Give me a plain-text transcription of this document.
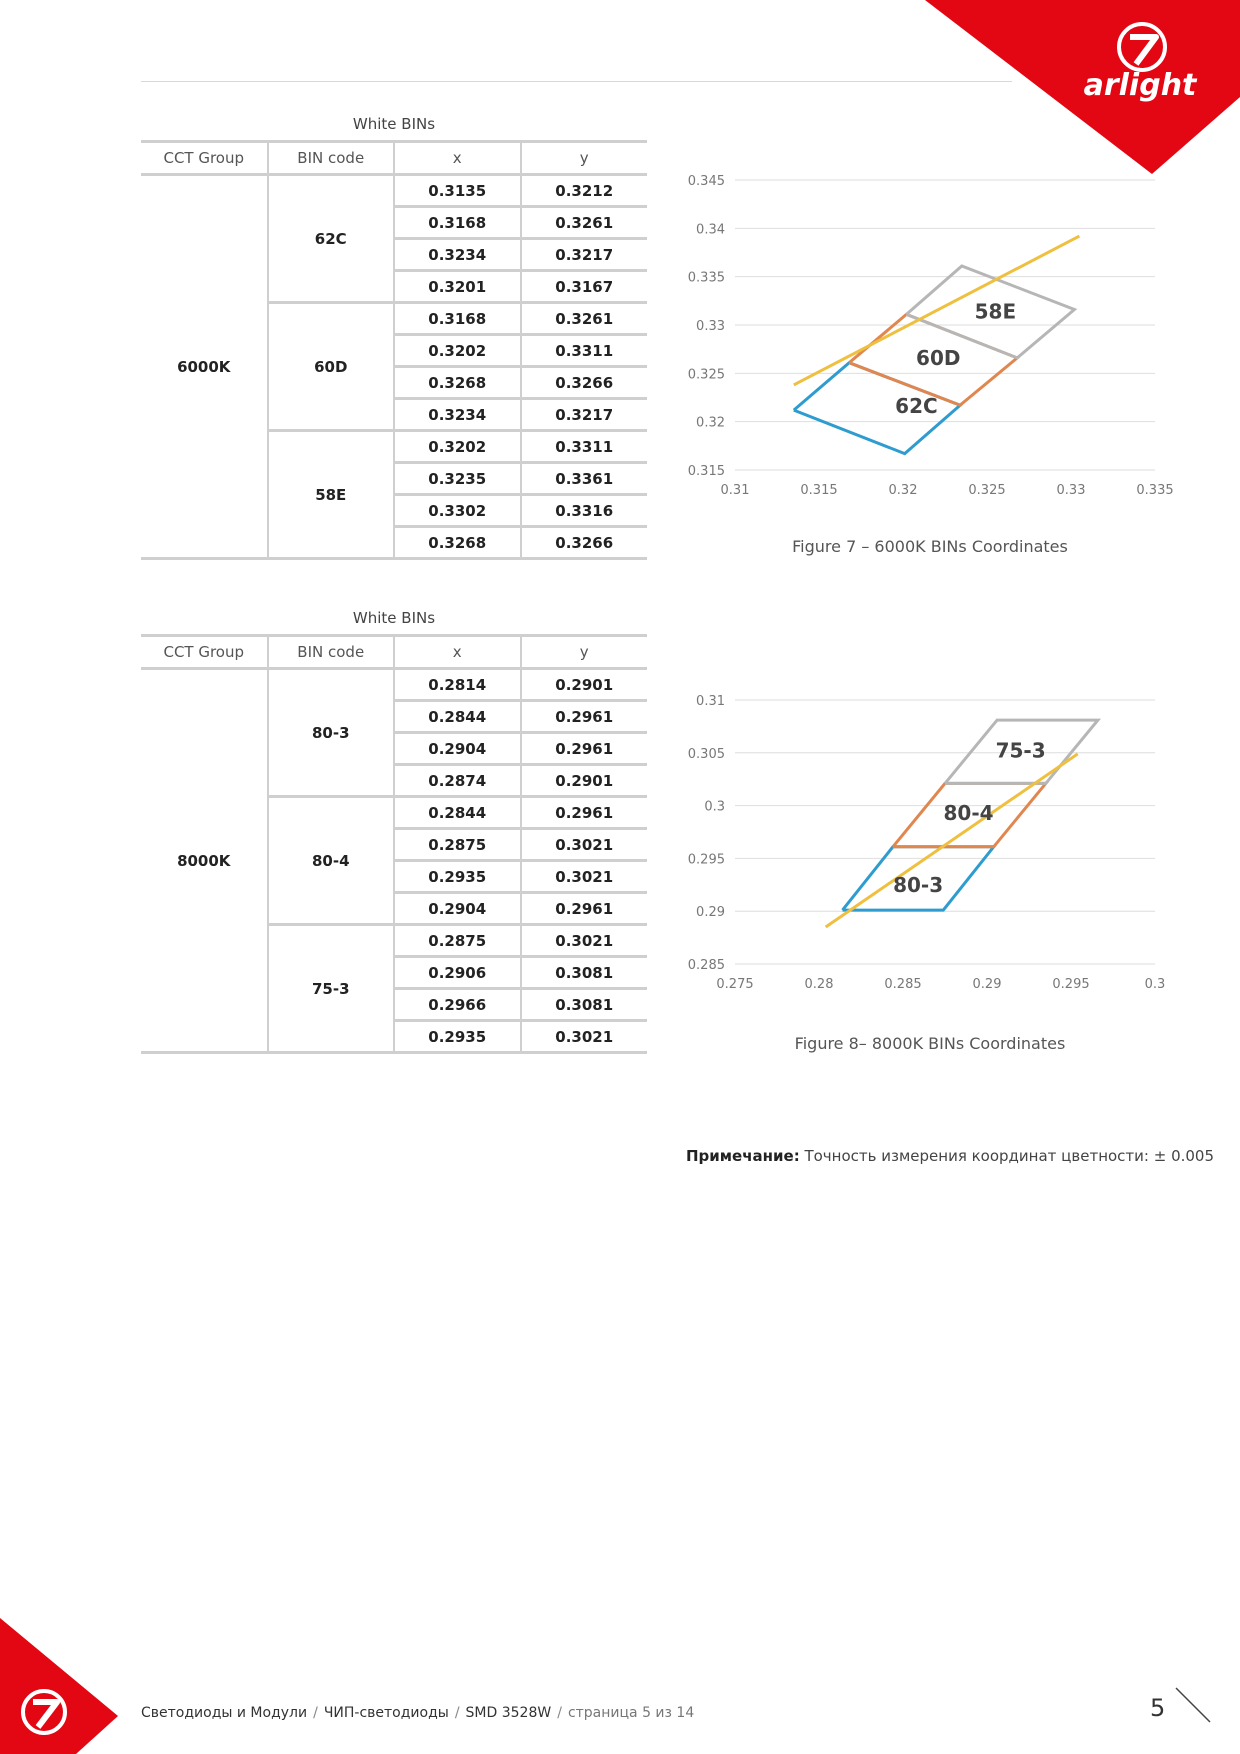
arlight
White BINs
CCT Group	BIN code	x	y
6000K	62C	0.3135	0.3212
		0.3168	0.3261
		0.3234	0.3217
		0.3201	0.3167
	60D	0.3168	0.3261
		0.3202	0.3311
		0.3268	0.3266
		0.3234	0.3217
	58E	0.3202	0.3311
		0.3235	0.3361
		0.3302	0.3316
		0.3268	0.3266
0.315
0.32
0.325
0.33
0.335
0.34
0.345
0.31	0.315	0.32	0.325	0.33	0.335
62C
60D
58E
Figure 7 – 6000K BINs Coordinates
White BINs
CCT Group	BIN code	x	y
8000K	80-3	0.2814	0.2901
		0.2844	0.2961
		0.2904	0.2961
		0.2874	0.2901
	80-4	0.2844	0.2961
		0.2875	0.3021
		0.2935	0.3021
		0.2904	0.2961
	75-3	0.2875	0.3021
		0.2906	0.3081
		0.2966	0.3081
		0.2935	0.3021
0.285
0.29
0.295
0.3
0.305
0.31
0.275	0.28	0.285	0.29	0.295	0.3
80-3
80-4
75-3
Figure 8– 8000K BINs Coordinates
Примечание: Точность измерения координат цветности: ± 0.005
Светодиоды и Модули / ЧИП-светодиоды / SMD 3528W / страница 5 из 14	5
